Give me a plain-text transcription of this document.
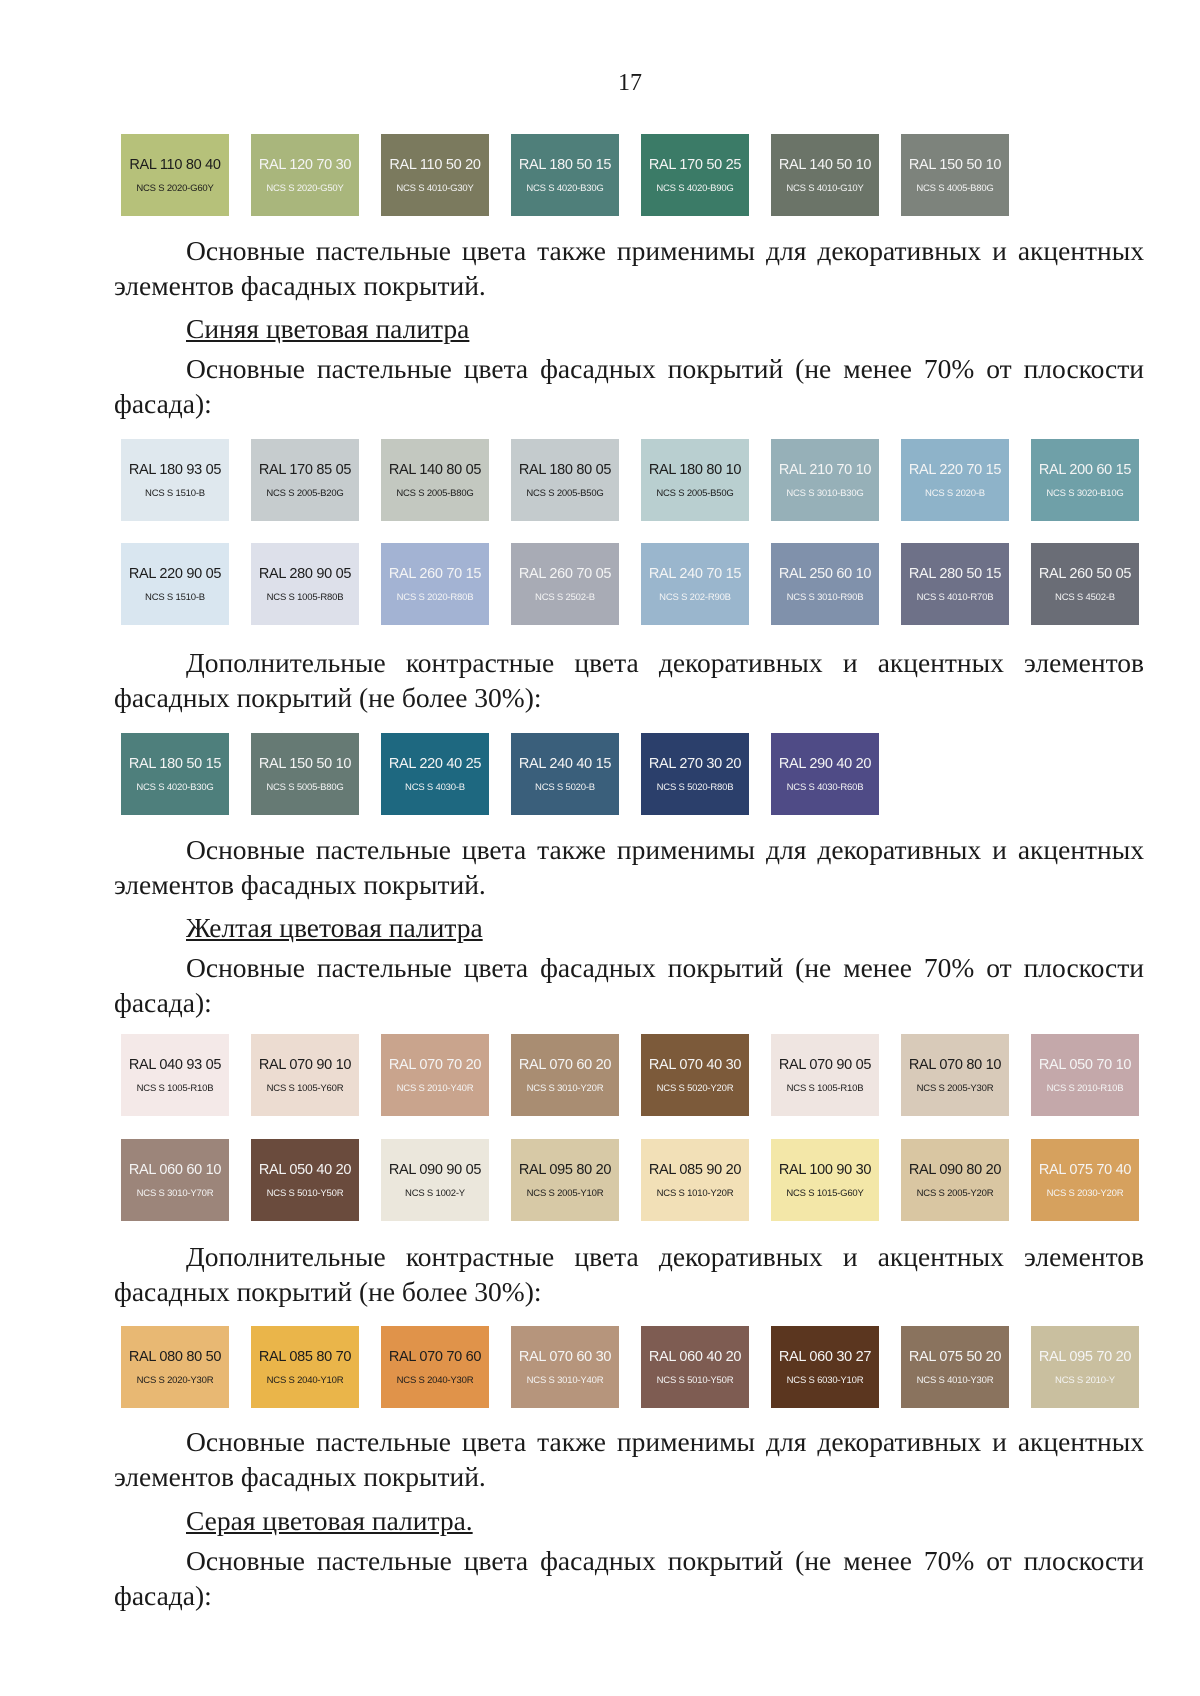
17
RAL 110 80 40
NCS S 2020-G60Y
RAL 120 70 30
NCS S 2020-G50Y
RAL 110 50 20
NCS S 4010-G30Y
RAL 180 50 15
NCS S 4020-B30G
RAL 170 50 25
NCS S 4020-B90G
RAL 140 50 10
NCS S 4010-G10Y
RAL 150 50 10
NCS S 4005-B80G

Основные пастельные цвета также применимы для декоративных и акцентных элементов фасадных покрытий.

Синяя цветовая палитра

Основные пастельные цвета фасадных покрытий (не менее 70% от плоскости фасада):

RAL 180 93 05
NCS S 1510-B
RAL 170 85 05
NCS S 2005-B20G
RAL 140 80 05
NCS S 2005-B80G
RAL 180 80 05
NCS S 2005-B50G
RAL 180 80 10
NCS S 2005-B50G
RAL 210 70 10
NCS S 3010-B30G
RAL 220 70 15
NCS S 2020-B
RAL 200 60 15
NCS S 3020-B10G
RAL 220 90 05
NCS S 1510-B
RAL 280 90 05
NCS S 1005-R80B
RAL 260 70 15
NCS S 2020-R80B
RAL 260 70 05
NCS S 2502-B
RAL 240 70 15
NCS S 202-R90B
RAL 250 60 10
NCS S 3010-R90B
RAL 280 50 15
NCS S 4010-R70B
RAL 260 50 05
NCS S 4502-B

Дополнительные контрастные цвета декоративных и акцентных элементов фасадных покрытий (не более 30%):

RAL 180 50 15
NCS S 4020-B30G
RAL 150 50 10
NCS S 5005-B80G
RAL 220 40 25
NCS S 4030-B
RAL 240 40 15
NCS S 5020-B
RAL 270 30 20
NCS S 5020-R80B
RAL 290 40 20
NCS S 4030-R60B

Основные пастельные цвета также применимы для декоративных и акцентных элементов фасадных покрытий.

Желтая цветовая палитра

Основные пастельные цвета фасадных покрытий (не менее 70% от плоскости фасада):

RAL 040 93 05
NCS S 1005-R10B
RAL 070 90 10
NCS S 1005-Y60R
RAL 070 70 20
NCS S 2010-Y40R
RAL 070 60 20
NCS S 3010-Y20R
RAL 070 40 30
NCS S 5020-Y20R
RAL 070 90 05
NCS S 1005-R10B
RAL 070 80 10
NCS S 2005-Y30R
RAL 050 70 10
NCS S 2010-R10B
RAL 060 60 10
NCS S 3010-Y70R
RAL 050 40 20
NCS S 5010-Y50R
RAL 090 90 05
NCS S 1002-Y
RAL 095 80 20
NCS S 2005-Y10R
RAL 085 90 20
NCS S 1010-Y20R
RAL 100 90 30
NCS S 1015-G60Y
RAL 090 80 20
NCS S 2005-Y20R
RAL 075 70 40
NCS S 2030-Y20R

Дополнительные контрастные цвета декоративных и акцентных элементов фасадных покрытий (не более 30%):

RAL 080 80 50
NCS S 2020-Y30R
RAL 085 80 70
NCS S 2040-Y10R
RAL 070 70 60
NCS S 2040-Y30R
RAL 070 60 30
NCS S 3010-Y40R
RAL 060 40 20
NCS S 5010-Y50R
RAL 060 30 27
NCS S 6030-Y10R
RAL 075 50 20
NCS S 4010-Y30R
RAL 095 70 20
NCS S 2010-Y

Основные пастельные цвета также применимы для декоративных и акцентных элементов фасадных покрытий.

Серая цветовая палитра.

Основные пастельные цвета фасадных покрытий (не менее 70% от плоскости фасада):
